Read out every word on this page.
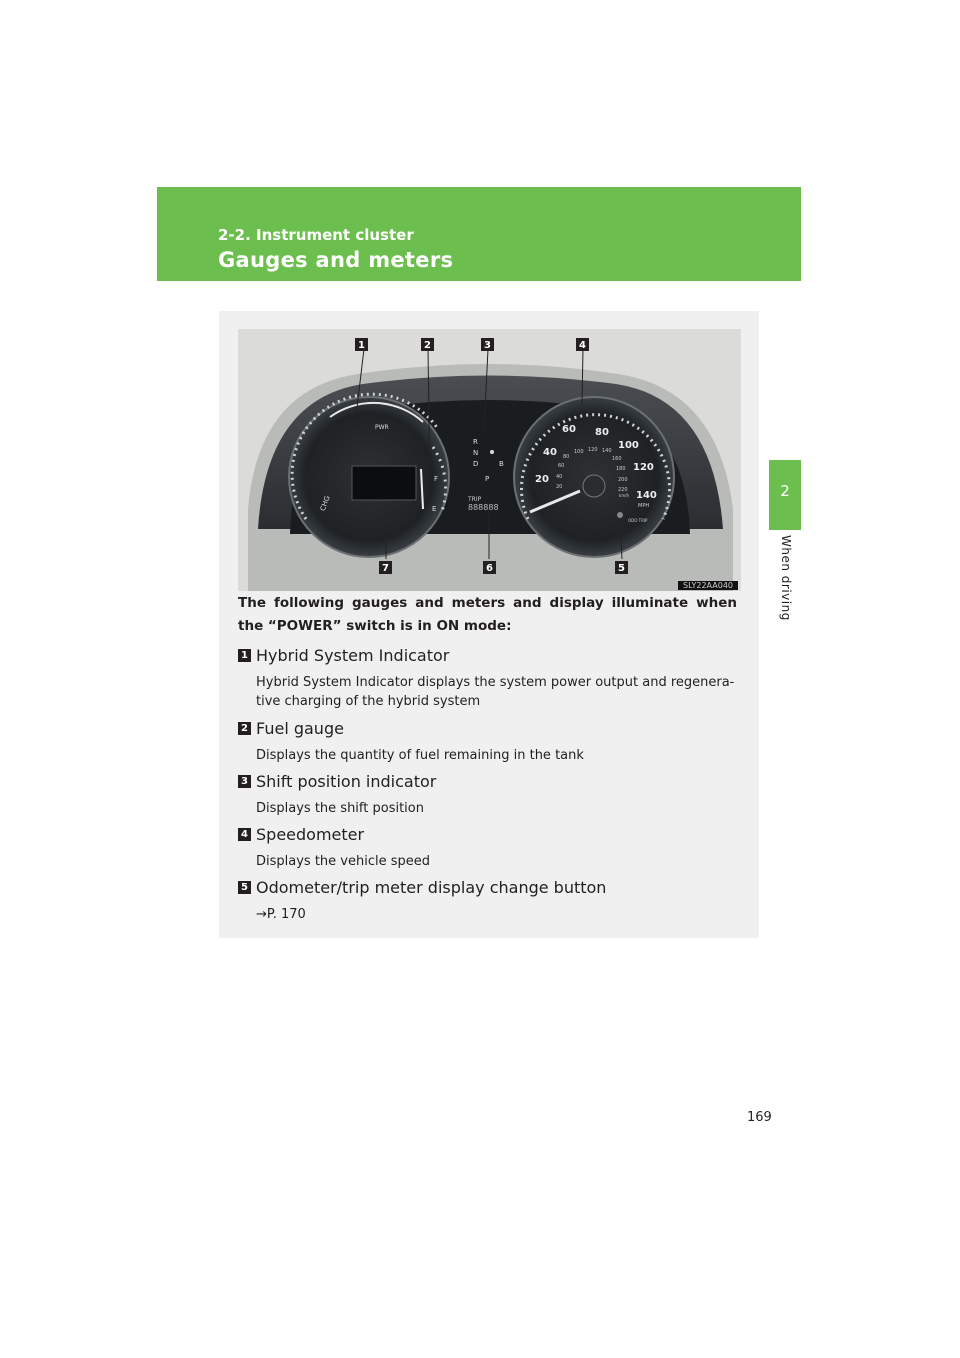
2-2. Instrument cluster
Gauges and meters
2
When driving
PWR
CHG
F
E
R
N
D	B
P
TRIP
888888
60 80
40
100
20
120
140
100 120 140
160
180
200
220
80
60
40
20
km/h
MPH
ODO TRIP
1	2	3	4
5
6
7
SLY22AA040
The following gauges and meters and display illuminate when the “POWER” switch is in ON mode:
1 Hybrid System Indicator
Hybrid System Indicator displays the system power output and regenera-tive charging of the hybrid system
2 Fuel gauge
Displays the quantity of fuel remaining in the tank
3 Shift position indicator
Displays the shift position
4 Speedometer
Displays the vehicle speed
5 Odometer/trip meter display change button
→P. 170
169
